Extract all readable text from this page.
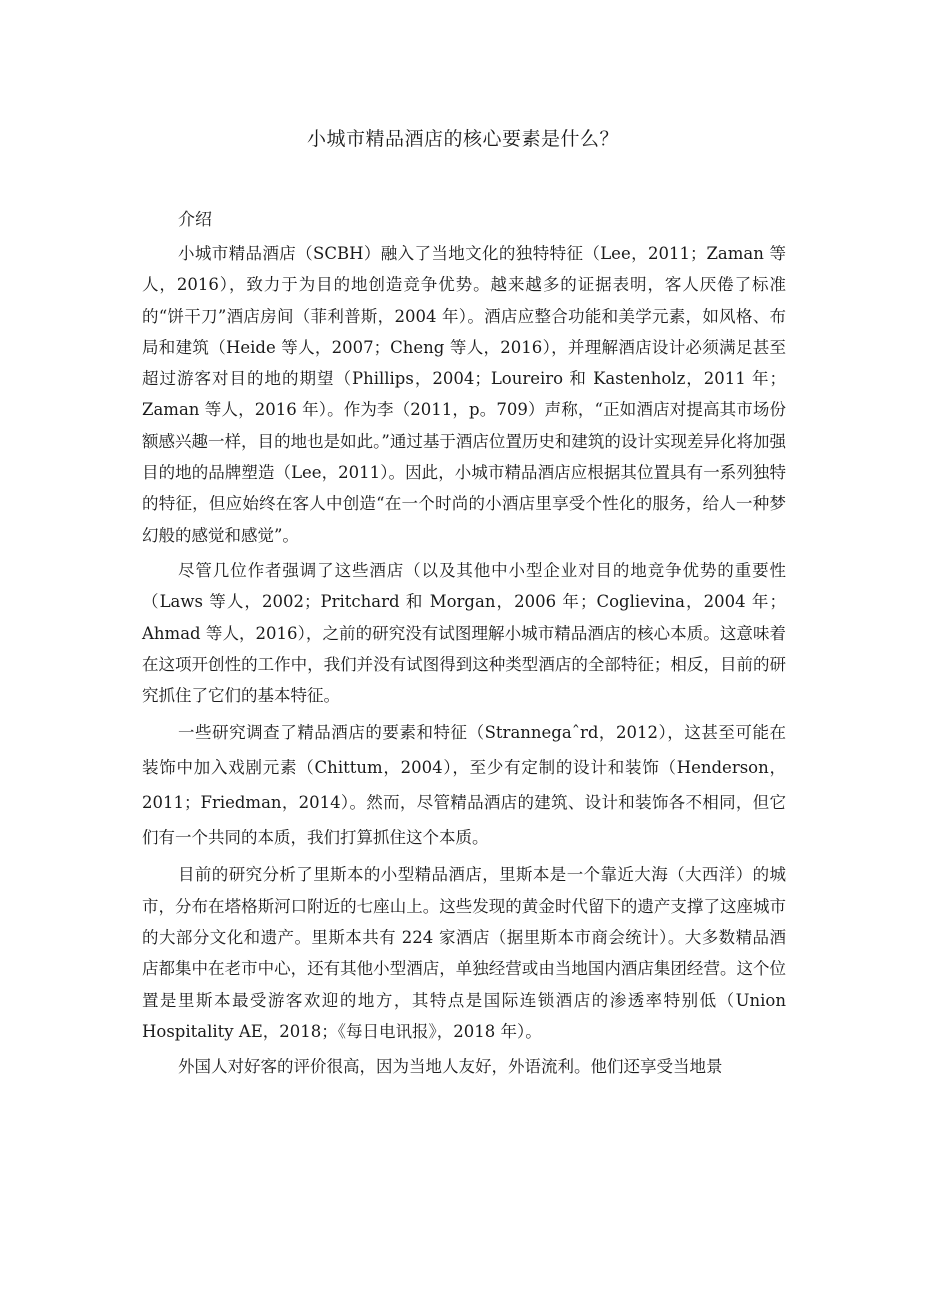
小城市精品酒店的核心要素是什么？
介绍

小城市精品酒店（SCBH）融入了当地文化的独特特征（Lee，2011；Zaman 等人，2016），致力于为目的地创造竞争优势。越来越多的证据表明，客人厌倦了标准的“饼干刀”酒店房间（菲利普斯，2004 年）。酒店应整合功能和美学元素，如风格、布局和建筑（Heide 等人，2007；Cheng 等人，2016），并理解酒店设计必须满足甚至超过游客对目的地的期望（Phillips，2004；Loureiro 和 Kastenholz，2011 年；Zaman 等人，2016 年）。作为李（2011，p。709）声称，“正如酒店对提高其市场份额感兴趣一样，目的地也是如此。”通过基于酒店位置历史和建筑的设计实现差异化将加强目的地的品牌塑造（Lee，2011）。因此，小城市精品酒店应根据其位置具有一系列独特的特征，但应始终在客人中创造“在一个时尚的小酒店里享受个性化的服务，给人一种梦幻般的感觉和感觉”。

尽管几位作者强调了这些酒店（以及其他中小型企业对目的地竞争优势的重要性（Laws 等人，2002；Pritchard 和 Morgan，2006 年；Coglievina，2004 年；Ahmad 等人，2016），之前的研究没有试图理解小城市精品酒店的核心本质。这意味着在这项开创性的工作中，我们并没有试图得到这种类型酒店的全部特征；相反，目前的研究抓住了它们的基本特征。

一些研究调查了精品酒店的要素和特征（Strannegaˆrd，2012），这甚至可能在装饰中加入戏剧元素（Chittum，2004），至少有定制的设计和装饰（Henderson，2011；Friedman，2014）。然而，尽管精品酒店的建筑、设计和装饰各不相同，但它们有一个共同的本质，我们打算抓住这个本质。

目前的研究分析了里斯本的小型精品酒店，里斯本是一个靠近大海（大西洋）的城市，分布在塔格斯河口附近的七座山上。这些发现的黄金时代留下的遗产支撑了这座城市的大部分文化和遗产。里斯本共有 224 家酒店（据里斯本市商会统计）。大多数精品酒店都集中在老市中心，还有其他小型酒店，单独经营或由当地国内酒店集团经营。这个位置是里斯本最受游客欢迎的地方，其特点是国际连锁酒店的渗透率特别低（Union Hospitality AE，2018；《每日电讯报》，2018 年）。

外国人对好客的评价很高，因为当地人友好，外语流利。他们还享受当地景
